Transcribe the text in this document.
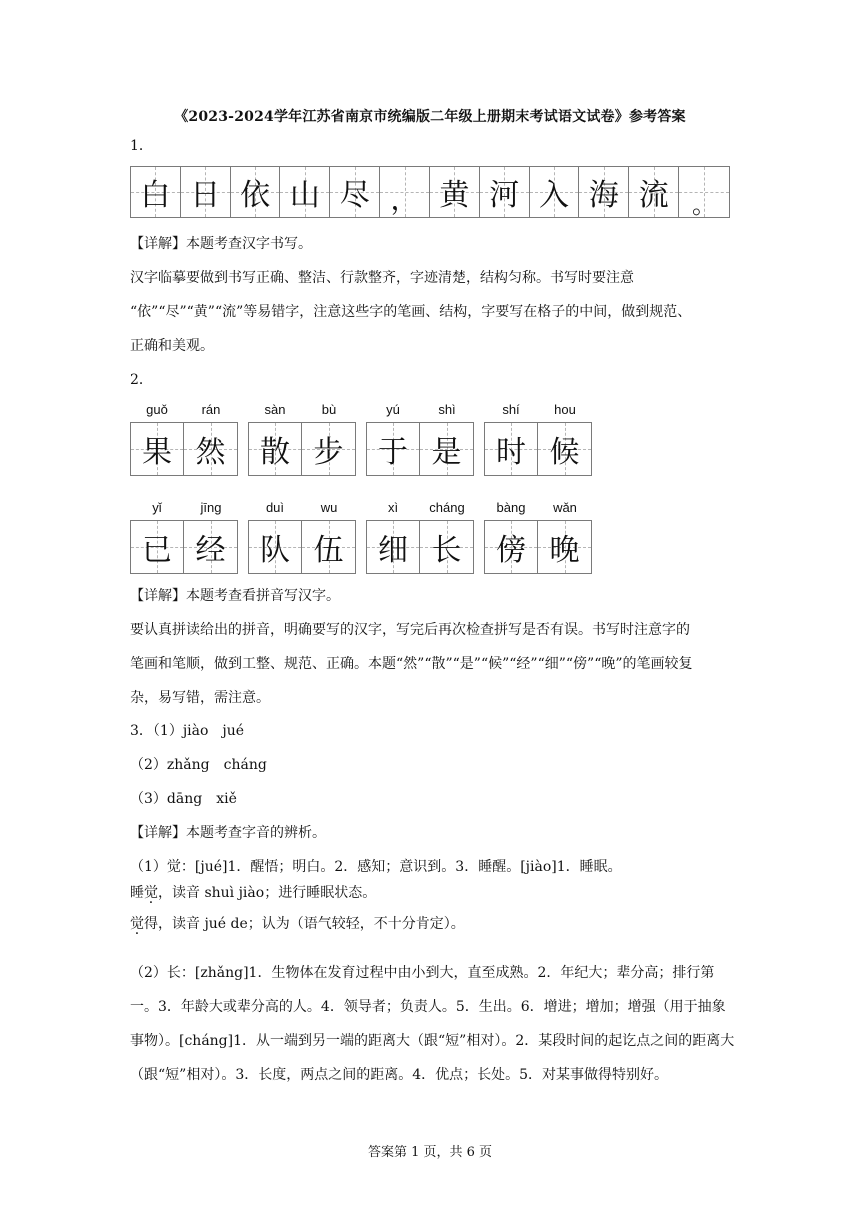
《2023-2024学年江苏省南京市统编版二年级上册期末考试语文试卷》参考答案
1．
白 日 依 山 尽 ， 黄 河 入 海 流 。
【详解】本题考查汉字书写。
汉字临摹要做到书写正确、整洁、行款整齐，字迹清楚，结构匀称。书写时要注意
“依”“尽”“黄”“流”等易错字，注意这些字的笔画、结构，字要写在格子的中间，做到规范、
正确和美观。
2．
guǒ	rán
果 然
sàn	bù
散 步
yú	shì
于 是
shí	hou
时 候
yǐ	jīng
已 经
duì	wu
队 伍
xì	cháng
细 长
bàng	wǎn
傍 晚
【详解】本题考查看拼音写汉字。
要认真拼读给出的拼音，明确要写的汉字，写完后再次检查拼写是否有误。书写时注意字的
笔画和笔顺，做到工整、规范、正确。本题“然”“散”“是”“候”“经”“细”“傍”“晚”的笔画较复
杂，易写错，需注意。
3．（1）jiào　jué
（2）zhǎng　cháng
（3）dāng　xiě
【详解】本题考查字音的辨析。
（1）觉：[jué]1．醒悟；明白。2．感知；意识到。3．睡醒。[jiào]1．睡眠。
睡觉，读音 shuì jiào；进行睡眠状态。
觉得，读音 jué de；认为（语气较轻，不十分肯定）。
（2）长：[zhǎng]1．生物体在发育过程中由小到大，直至成熟。2．年纪大；辈分高；排行第一。3．年龄大或辈分高的人。4．领导者；负责人。5．生出。6．增进；增加；增强（用于抽象事物）。[cháng]1．从一端到另一端的距离大（跟“短”相对）。2．某段时间的起讫点之间的距离大（跟“短”相对）。3．长度，两点之间的距离。4．优点；长处。5．对某事做得特别好。
答案第 1 页，共 6 页
